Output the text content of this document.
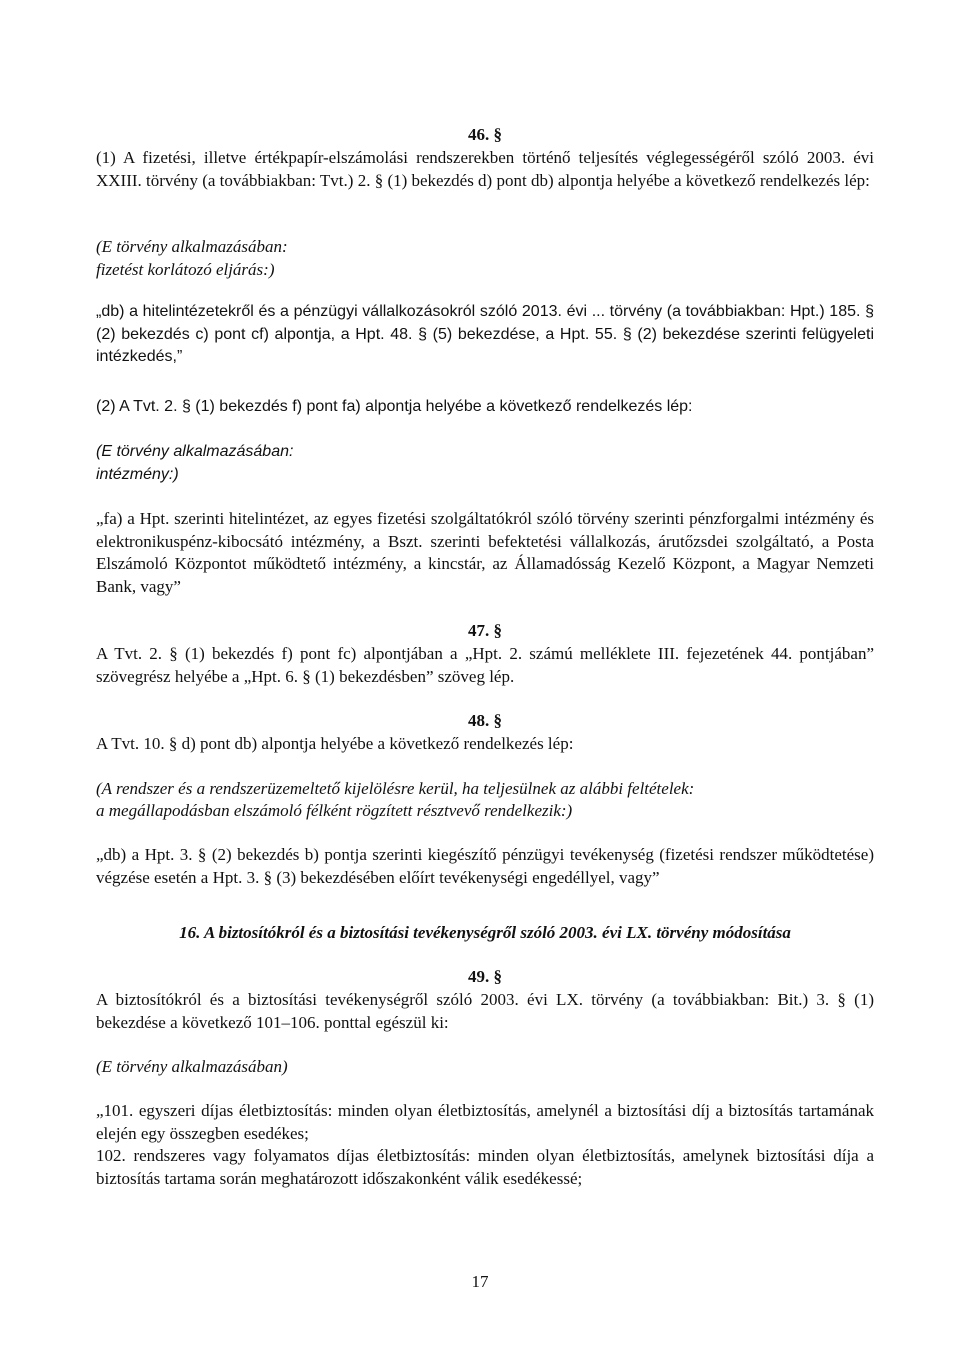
46. §

(1) A fizetési, illetve értékpapír-elszámolási rendszerekben történő teljesítés véglegességéről szóló 2003. évi XXIII. törvény (a továbbiakban: Tvt.) 2. § (1) bekezdés d) pont db) alpontja helyébe a következő rendelkezés lép:

(E törvény alkalmazásában:
fizetést korlátozó eljárás:)

„db) a hitelintézetekről és a pénzügyi vállalkozásokról szóló 2013. évi ... törvény (a továbbiakban: Hpt.) 185. § (2) bekezdés c) pont cf) alpontja, a Hpt. 48. § (5) bekezdése, a Hpt. 55. § (2) bekezdése szerinti felügyeleti intézkedés,”

(2) A Tvt. 2. § (1) bekezdés f) pont fa) alpontja helyébe a következő rendelkezés lép:

(E törvény alkalmazásában:
intézmény:)

„fa) a Hpt. szerinti hitelintézet, az egyes fizetési szolgáltatókról szóló törvény szerinti pénzforgalmi intézmény és elektronikuspénz-kibocsátó intézmény, a Bszt. szerinti befektetési vállalkozás, árutőzsdei szolgáltató, a Posta Elszámoló Központot működtető intézmény, a kincstár, az Államadósság Kezelő Központ, a Magyar Nemzeti Bank, vagy”

47. §

A Tvt. 2. § (1) bekezdés f) pont fc) alpontjában a „Hpt. 2. számú melléklete III. fejezetének 44. pontjában” szövegrész helyébe a „Hpt. 6. § (1) bekezdésben” szöveg lép.

48. §

A Tvt. 10. § d) pont db) alpontja helyébe a következő rendelkezés lép:

(A rendszer és a rendszerüzemeltető kijelölésre kerül, ha teljesülnek az alábbi feltételek:
a megállapodásban elszámoló félként rögzített résztvevő rendelkezik:)

„db) a Hpt. 3. § (2) bekezdés b) pontja szerinti kiegészítő pénzügyi tevékenység (fizetési rendszer működtetése) végzése esetén a Hpt. 3. § (3) bekezdésében előírt tevékenységi engedéllyel, vagy”

16. A biztosítókról és a biztosítási tevékenységről szóló 2003. évi LX. törvény módosítása
49. §

A biztosítókról és a biztosítási tevékenységről szóló 2003. évi LX. törvény (a továbbiakban: Bit.) 3. § (1) bekezdése a következő 101–106. ponttal egészül ki:

(E törvény alkalmazásában)

„101. egyszeri díjas életbiztosítás: minden olyan életbiztosítás, amelynél a biztosítási díj a biztosítás tartamának elején egy összegben esedékes;

102. rendszeres vagy folyamatos díjas életbiztosítás: minden olyan életbiztosítás, amelynek biztosítási díja a biztosítás tartama során meghatározott időszakonként válik esedékessé;

17
